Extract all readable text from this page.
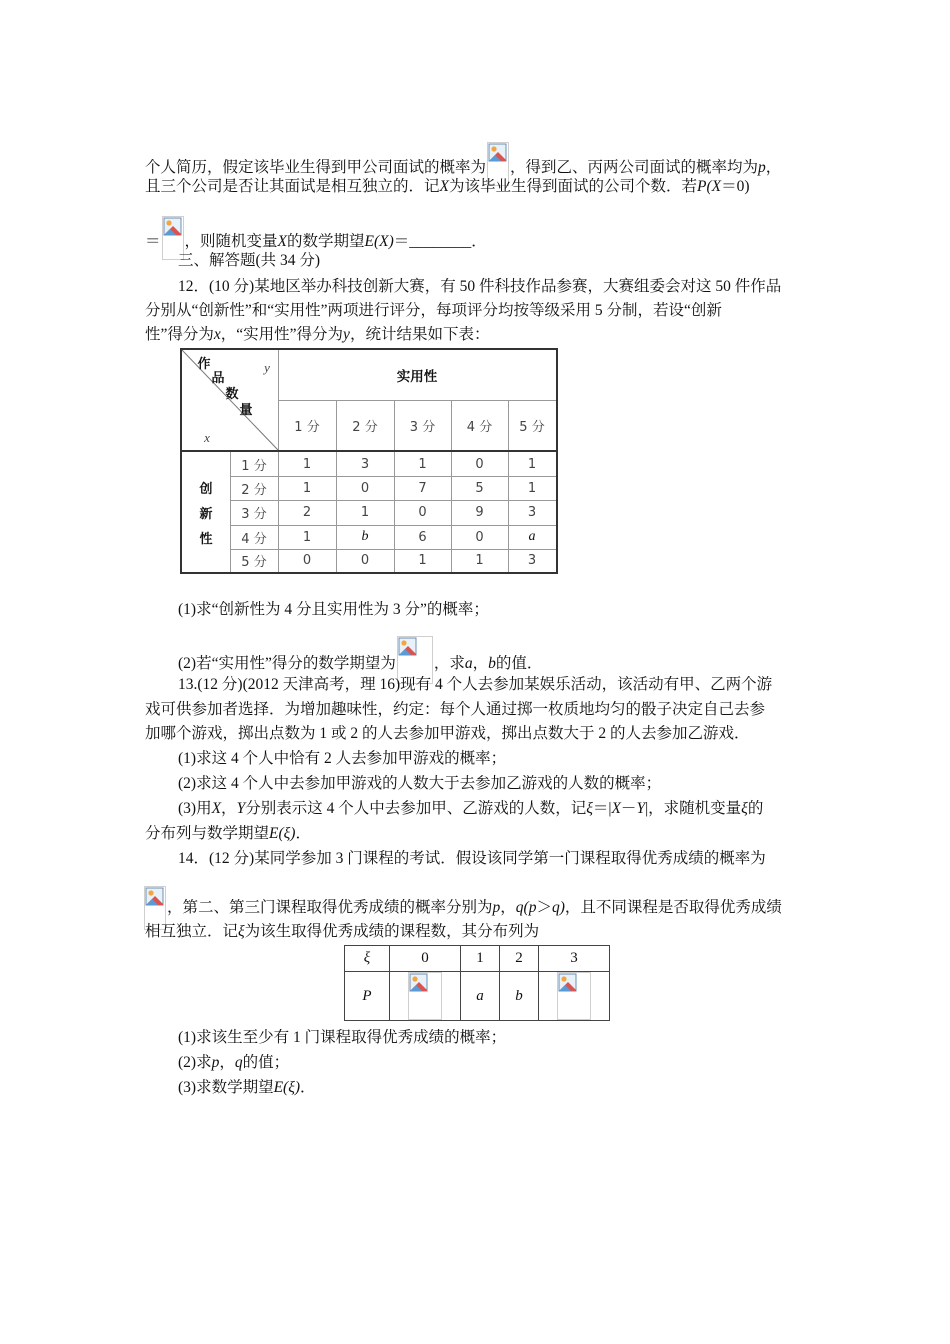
个人简历，假定该毕业生得到甲公司面试的概率为 ，得到乙、丙两公司面试的概率均为p，
且三个公司是否让其面试是相互独立的．记X为该毕业生得到面试的公司个数．若P(X＝0)
＝ ，则随机变量X的数学期望E(X)＝________．
三、解答题(共 34 分)
12．(10 分)某地区举办科技创新大赛，有 50 件科技作品参赛，大赛组委会对这 50 件作品
分别从“创新性”和“实用性”两项进行评分，每项评分均按等级采用 5 分制，若设“创新
性”得分为x，“实用性”得分为y，统计结果如下表：
作
品
数
量
y
x
实用性
1 分	2 分	3 分	4 分	5 分
创
新
性
1 分	1	3	1	0	1
2 分	1	0	7	5	1
3 分	2	1	0	9	3
4 分	1	b	6	0	a
5 分	0	0	1	1	3
(1)求“创新性为 4 分且实用性为 3 分”的概率；
(2)若“实用性”得分的数学期望为 ，求a，b的值．
13.(12 分)(2012 天津高考，理 16)现有 4 个人去参加某娱乐活动，该活动有甲、乙两个游
戏可供参加者选择．为增加趣味性，约定：每个人通过掷一枚质地均匀的骰子决定自己去参
加哪个游戏，掷出点数为 1 或 2 的人去参加甲游戏，掷出点数大于 2 的人去参加乙游戏．
(1)求这 4 个人中恰有 2 人去参加甲游戏的概率；
(2)求这 4 个人中去参加甲游戏的人数大于去参加乙游戏的人数的概率；
(3)用X，Y分别表示这 4 个人中去参加甲、乙游戏的人数，记ξ＝|X－Y|，求随机变量ξ的
分布列与数学期望E(ξ)．
14．(12 分)某同学参加 3 门课程的考试．假设该同学第一门课程取得优秀成绩的概率为
，第二、第三门课程取得优秀成绩的概率分别为p，q(p＞q)，且不同课程是否取得优秀成绩
相互独立．记ξ为该生取得优秀成绩的课程数，其分布列为
ξ	0	1	2	3
P		a	b	
(1)求该生至少有 1 门课程取得优秀成绩的概率；
(2)求p，q的值；
(3)求数学期望E(ξ)．
